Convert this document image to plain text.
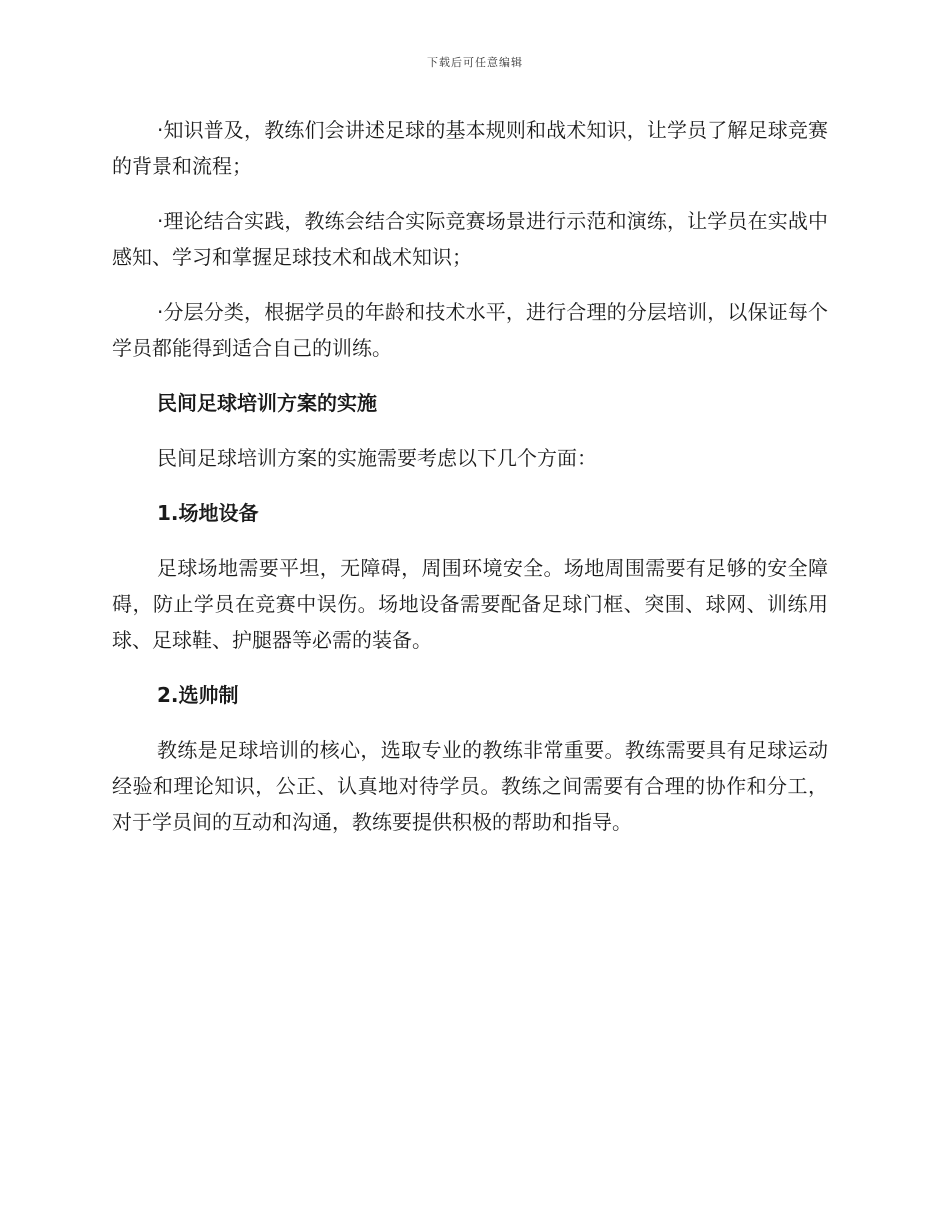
下载后可任意编辑

·知识普及，教练们会讲述足球的基本规则和战术知识，让学员了解足球竞赛的背景和流程；

·理论结合实践，教练会结合实际竞赛场景进行示范和演练，让学员在实战中感知、学习和掌握足球技术和战术知识；

·分层分类，根据学员的年龄和技术水平，进行合理的分层培训，以保证每个学员都能得到适合自己的训练。

民间足球培训方案的实施

民间足球培训方案的实施需要考虑以下几个方面：

1.场地设备

足球场地需要平坦，无障碍，周围环境安全。场地周围需要有足够的安全障碍，防止学员在竞赛中误伤。场地设备需要配备足球门框、突围、球网、训练用球、足球鞋、护腿器等必需的装备。

2.选帅制

教练是足球培训的核心，选取专业的教练非常重要。教练需要具有足球运动经验和理论知识，公正、认真地对待学员。教练之间需要有合理的协作和分工，对于学员间的互动和沟通，教练要提供积极的帮助和指导。
